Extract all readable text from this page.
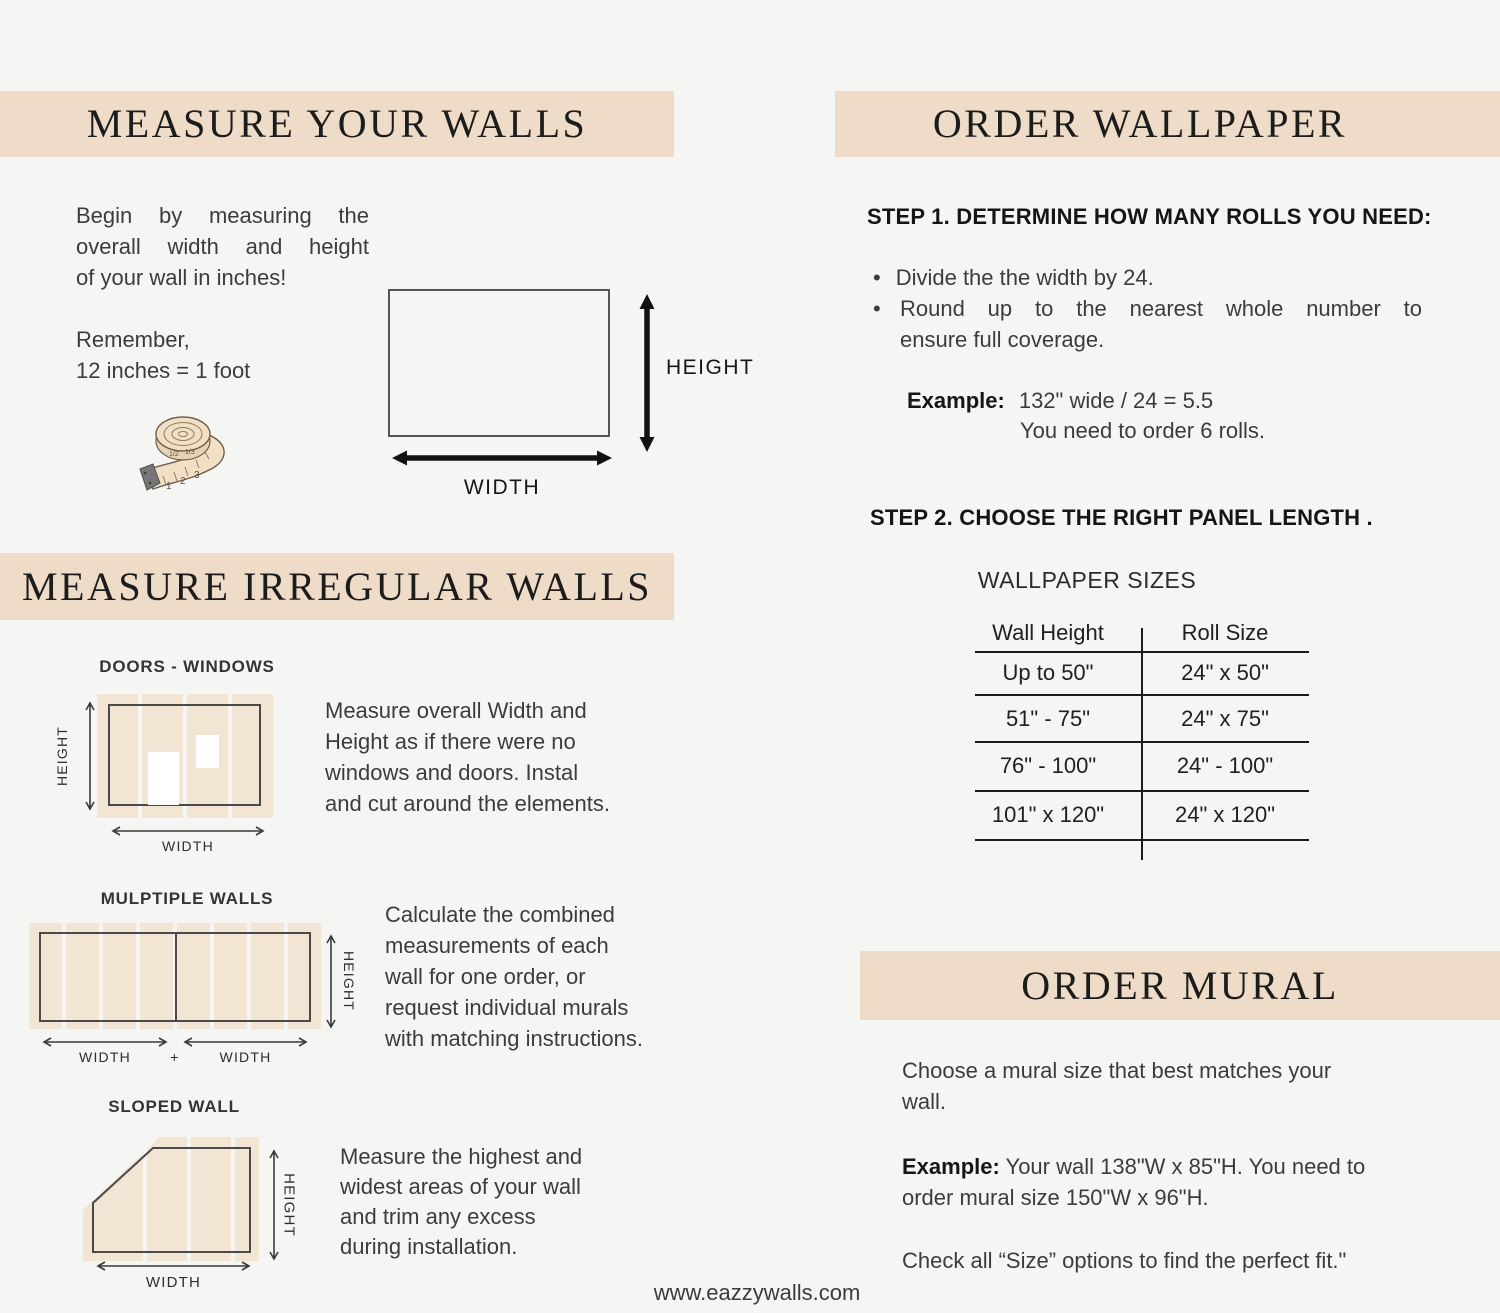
MEASURE YOUR WALLS
Begin by measuring the
overall width and height
of your wall in inches!
Remember,
12 inches = 1 foot
1 2
3
1/2 1/3
HEIGHT
WIDTH
MEASURE IRREGULAR WALLS
DOORS - WINDOWS
HEIGHT
WIDTH
Measure overall Width and
Height as if there were no
windows and doors. Instal
and cut around the elements.
MULPTIPLE WALLS
HEIGHT
WIDTH	+	WIDTH
Calculate the combined
measurements of each
wall for one order, or
request individual murals
with matching instructions.
SLOPED WALL
HEIGHT
WIDTH
Measure the highest and
widest areas of your wall
and trim any excess
during installation.
ORDER WALLPAPER
STEP 1. DETERMINE HOW MANY ROLLS YOU NEED:
• Divide the the width by 24.
• Round up to the nearest whole number to
ensure full coverage.
Example: 132" wide / 24 = 5.5
You need to order 6 rolls.
STEP 2. CHOOSE THE RIGHT PANEL LENGTH .
WALLPAPER SIZES
Wall Height	Roll Size
Up to 50"	24" x 50"
51" - 75"	24" x 75"
76" - 100"	24" - 100"
101" x 120"	24" x 120"
ORDER MURAL
Choose a mural size that best matches your
wall.
Example: Your wall 138"W x 85"H. You need to
order mural size 150"W x 96"H.
Check all “Size” options to find the perfect fit."
www.eazzywalls.com
